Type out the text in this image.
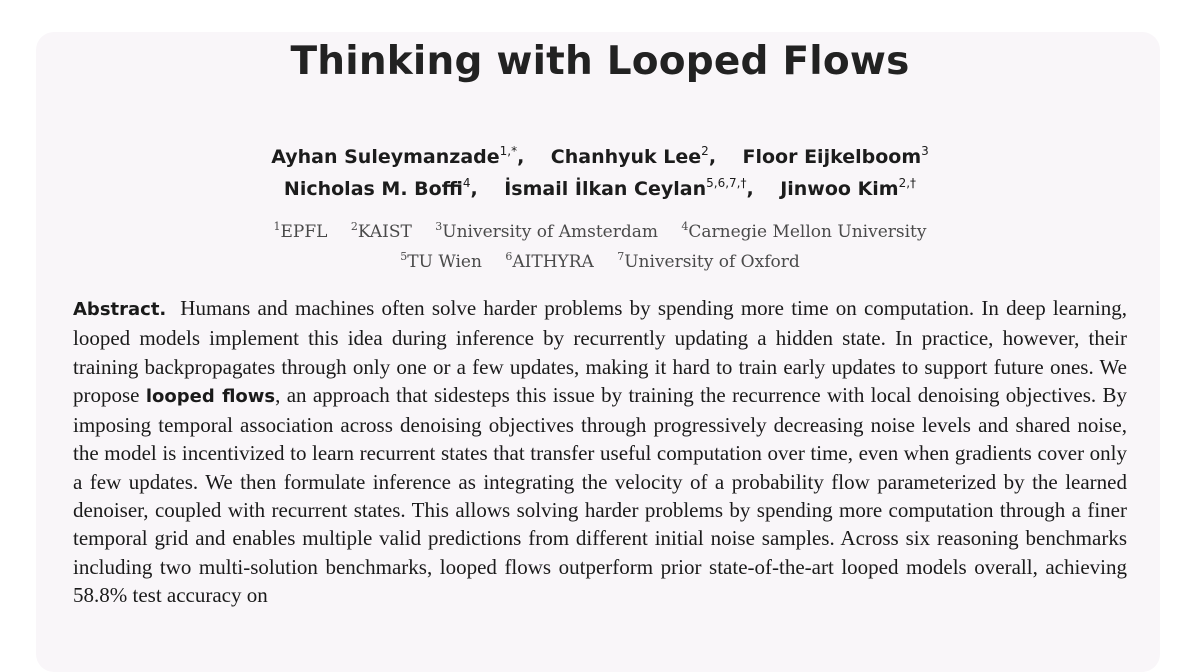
Thinking with Looped Flows
Ayhan Suleymanzade$^{1,*}$,    Chanhyuk Lee$^2$,    Floor Eijkelboom$^3$
Nicholas M. Boffi$^4$,    İsmail İlkan Ceylan$^{5,6,7,\dagger}$,    Jinwoo Kim$^{2,\dagger}$
$^1$EPFL $^2$KAIST $^3$University of Amsterdam $^4$Carnegie Mellon University
$^5$TU Wien $^6$AITHYRA $^7$University of Oxford

Abstract. Humans and machines often solve harder problems by spending more time on computation. In deep learning, looped models implement this idea during inference by recurrently updating a hidden state. In practice, however, their training backpropagates through only one or a few updates, making it hard to train early updates to support future ones. We propose looped flows, an approach that sidesteps this issue by training the recurrence with local denoising objectives. By imposing temporal association across denoising objectives through progressively decreasing noise levels and shared noise, the model is incentivized to learn recurrent states that transfer useful computation over time, even when gradients cover only a few updates. We then formulate inference as integrating the velocity of a probability flow parameterized by the learned denoiser, coupled with recurrent states. This allows solving harder problems by spending more computation through a finer temporal grid and enables multiple valid predictions from different initial noise samples. Across six reasoning benchmarks including two multi-solution benchmarks, looped flows outperform prior state-of-the-art looped models overall, achieving 58.8% test accuracy on
